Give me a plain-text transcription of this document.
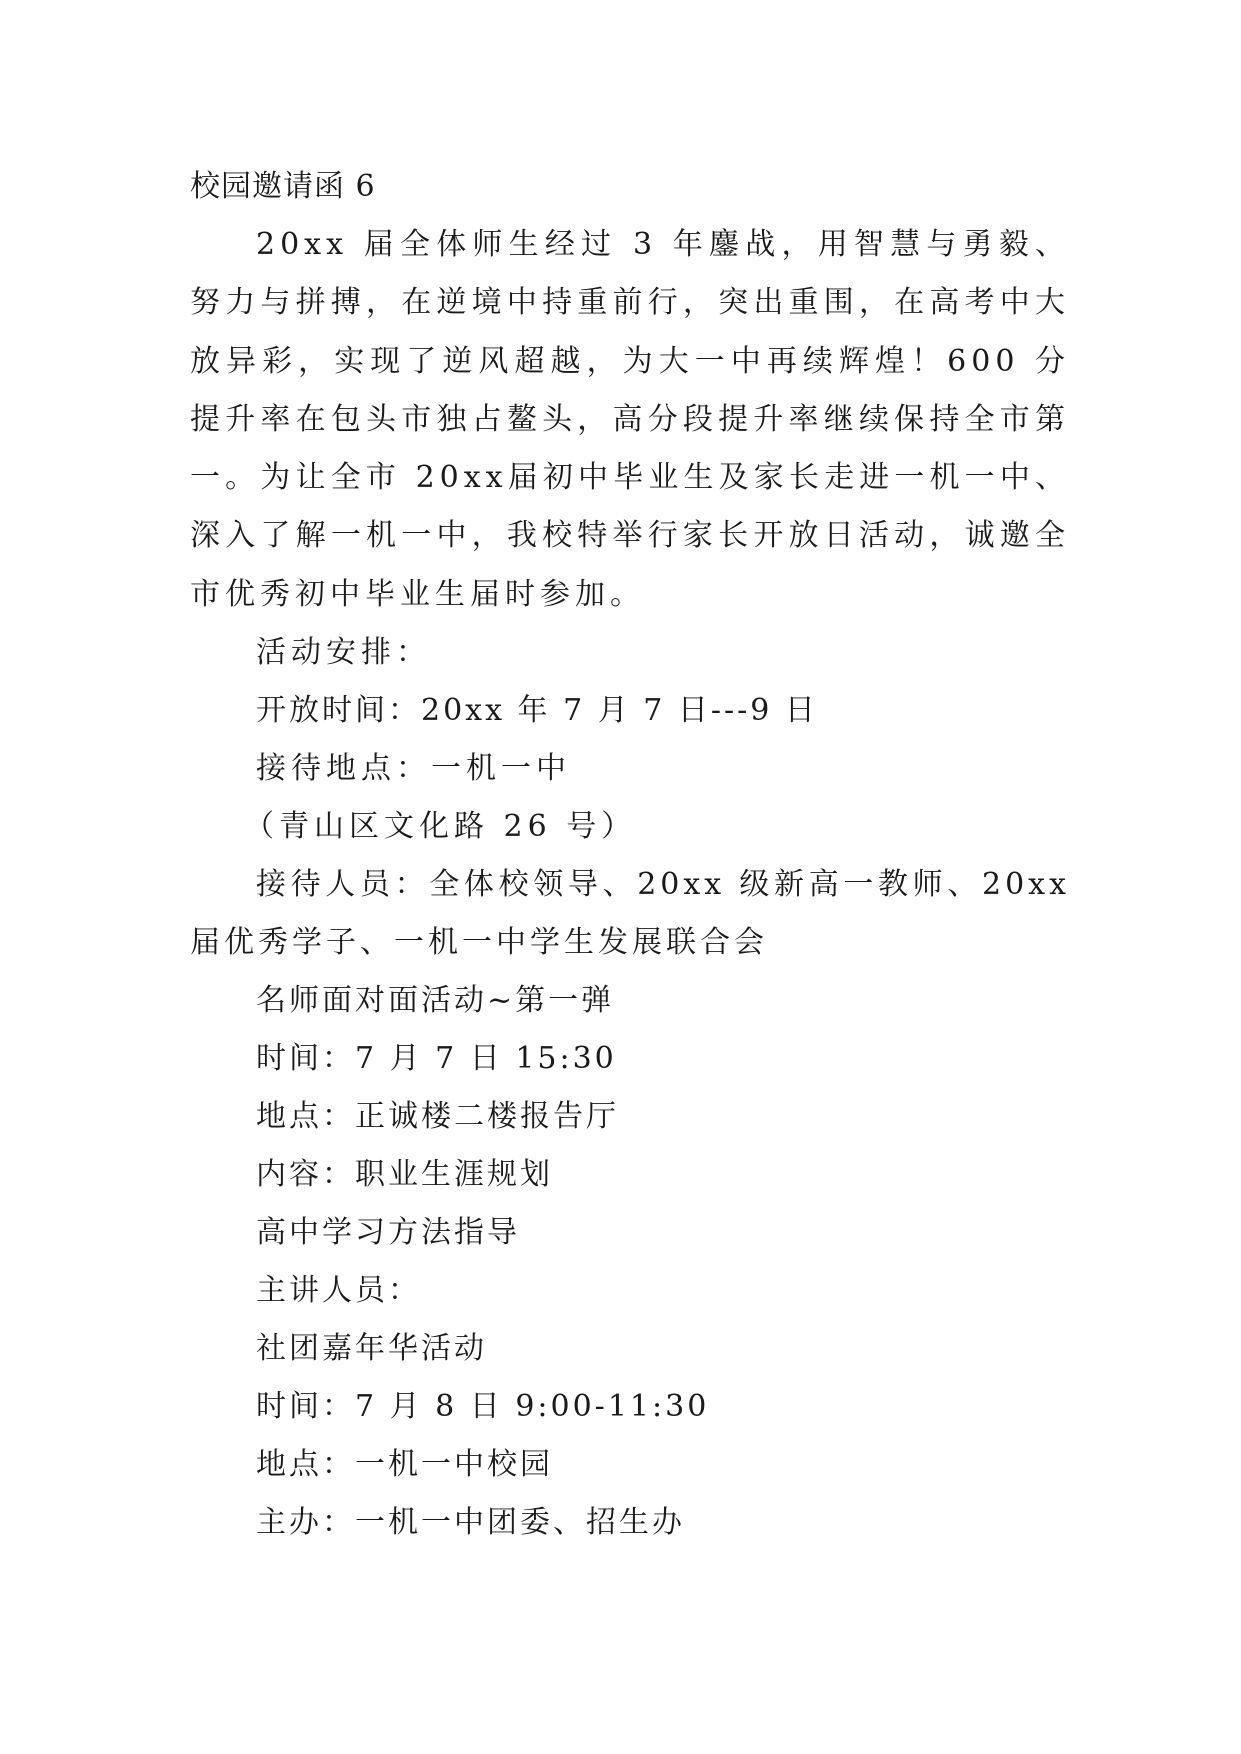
校园邀请函 6

20xx 届全体师生经过 3 年鏖战，用智慧与勇毅、努力与拼搏，在逆境中持重前行，突出重围，在高考中大放异彩，实现了逆风超越，为大一中再续辉煌！600 分提升率在包头市独占鳌头，高分段提升率继续保持全市第一。为让全市 20xx届初中毕业生及家长走进一机一中、深入了解一机一中，我校特举行家长开放日活动，诚邀全市优秀初中毕业生届时参加。

活动安排：
开放时间：20xx 年 7 月 7 日---9 日
接待地点：一机一中
（青山区文化路 26 号）

接待人员：全体校领导、20xx 级新高一教师、20xx 届优秀学子、一机一中学生发展联合会

名师面对面活动~第一弹
时间：7 月 7 日 15:30
地点：正诚楼二楼报告厅
内容：职业生涯规划
高中学习方法指导
主讲人员：
社团嘉年华活动
时间：7 月 8 日 9:00-11:30
地点：一机一中校园
主办：一机一中团委、招生办
